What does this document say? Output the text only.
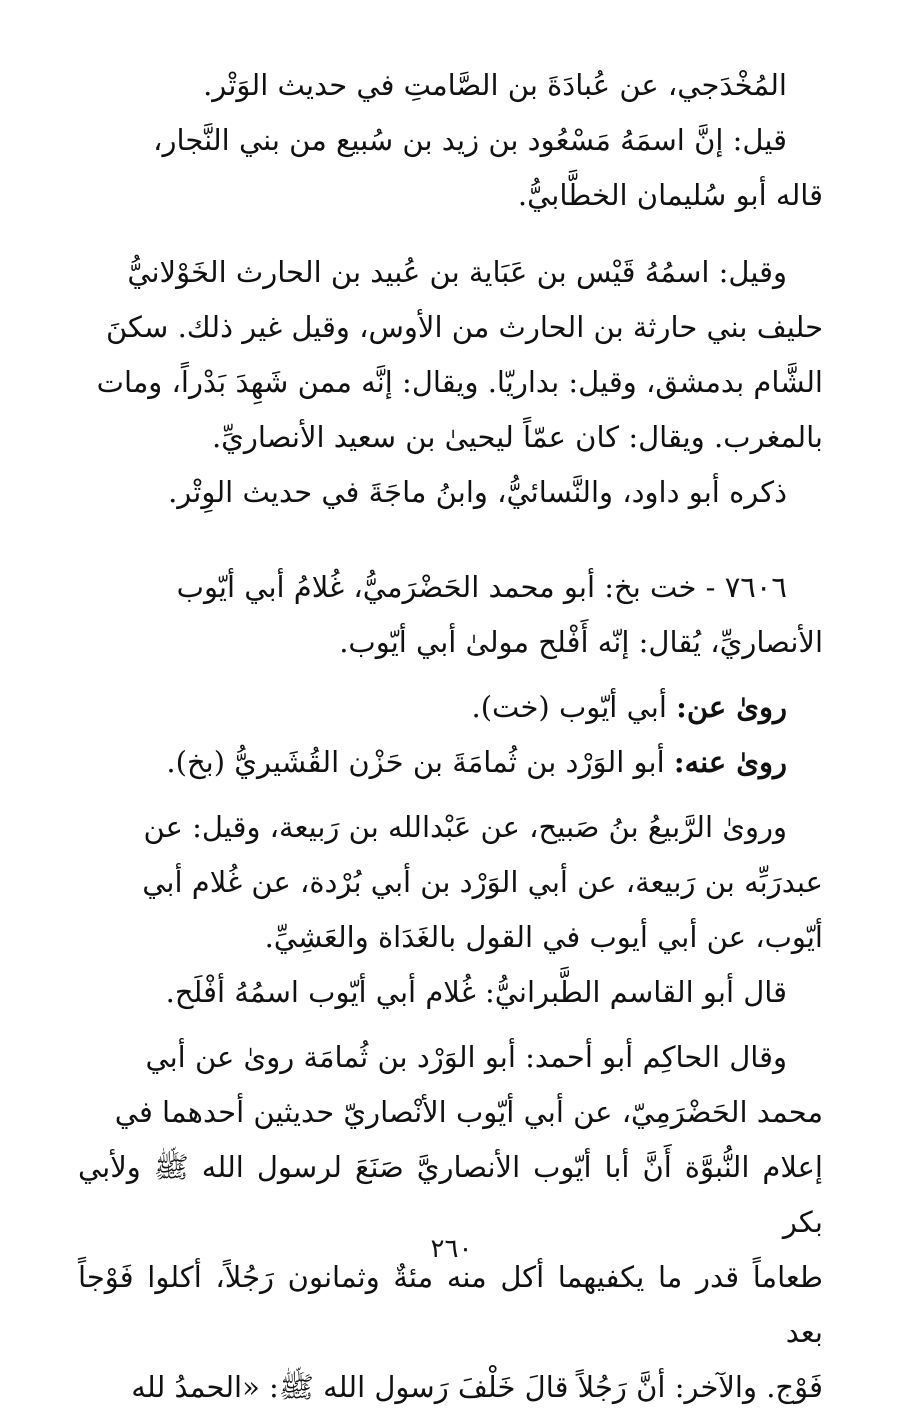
المُخْدَجي، عن عُبادَةَ بن الصَّامتِ في حديث الوَتْر.
قيل: إنَّ اسمَهُ مَسْعُود بن زيد بن سُبيع من بني النَّجار،
قاله أبو سُليمان الخطَّابيُّ.
وقيل: اسمُهُ قَيْس بن عَبَاية بن عُبيد بن الحارث الخَوْلانيُّ
حليف بني حارثة بن الحارث من الأوس، وقيل غير ذلك. سكنَ
الشَّام بدمشق، وقيل: بداريّا. ويقال: إنَّه ممن شَهِدَ بَدْراً، ومات
بالمغرب. ويقال: كان عمّاً ليحيىٰ بن سعيد الأنصاريِّ.
ذكره أبو داود، والنَّسائيُّ، وابنُ ماجَةَ في حديث الوِتْر.
٧٦٠٦ - خت بخ: أبو محمد الحَضْرَميُّ، غُلامُ أبي أيّوب
الأنصاريِّ، يُقال: إنّه أَفْلح مولىٰ أبي أيّوب.
رویٰ عن: أبي أيّوب (خت).
رویٰ عنه: أبو الوَرْد بن ثُمامَةَ بن حَزْن القُشَيريُّ (بخ).
ورویٰ الرَّبيعُ بنُ صَبيح، عن عَبْدالله بن رَبيعة، وقيل: عن
عبدرَبِّه بن رَبيعة، عن أبي الوَرْد بن أبي بُرْدة، عن غُلام أبي
أيّوب، عن أبي أيوب في القول بالغَدَاة والعَشِيِّ.
قال أبو القاسم الطَّبرانيُّ: غُلام أبي أيّوب اسمُهُ أفْلَح.
وقال الحاكِم أبو أحمد: أبو الوَرْد بن ثُمامَة رویٰ عن أبي
محمد الحَضْرَمِيّ، عن أبي أيّوب الأنْصاريّ حديثين أحدهما في
إعلام النُّبوَّة أَنَّ أبا أيّوب الأنصاريَّ صَنَعَ لرسول الله ﷺ ولأبي بكر
طعاماً قدر ما يكفيهما أكل منه مئةٌ وثمانون رَجُلاً، أكلوا فَوْجاً بعد
فَوْج. والآخر: أنَّ رَجُلاً قالَ خَلْفَ رَسول الله ﷺ: «الحمدُ لله
٢٦٠
